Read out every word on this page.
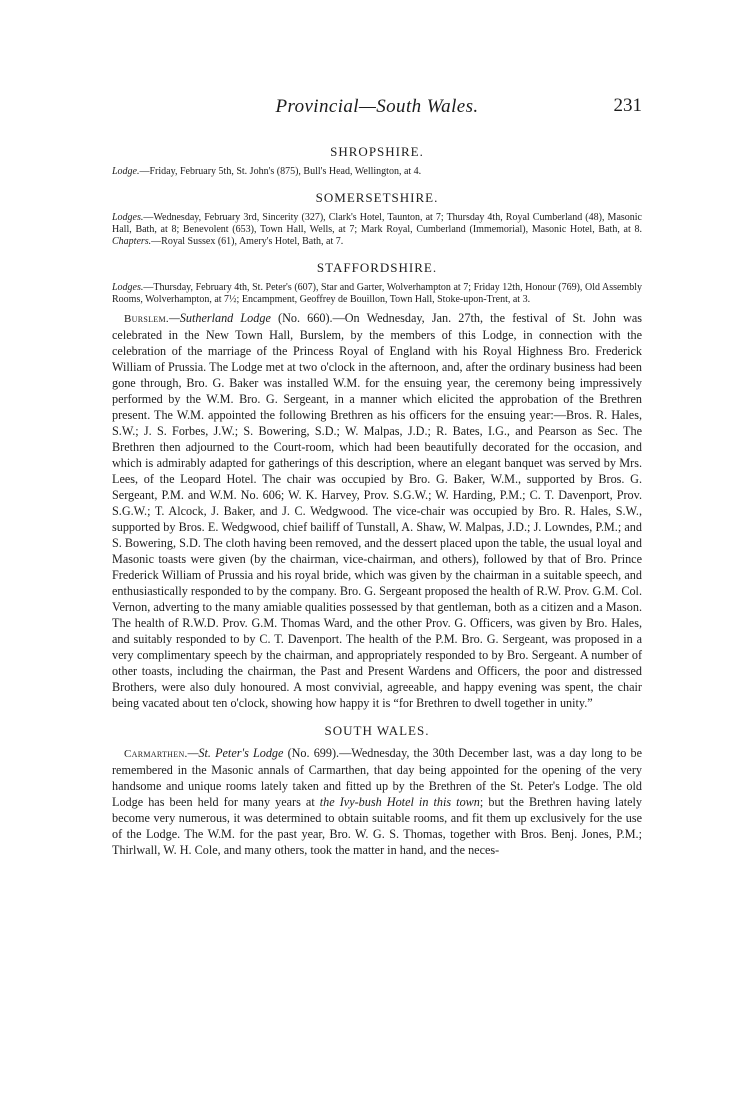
Provincial—South Wales.	231
SHROPSHIRE.

Lodge.—Friday, February 5th, St. John's (875), Bull's Head, Wellington, at 4.

SOMERSETSHIRE.

Lodges.—Wednesday, February 3rd, Sincerity (327), Clark's Hotel, Taunton, at 7; Thursday 4th, Royal Cumberland (48), Masonic Hall, Bath, at 8; Benevolent (653), Town Hall, Wells, at 7; Mark Royal, Cumberland (Immemorial), Masonic Hotel, Bath, at 8. Chapters.—Royal Sussex (61), Amery's Hotel, Bath, at 7.

STAFFORDSHIRE.

Lodges.—Thursday, February 4th, St. Peter's (607), Star and Garter, Wolverhampton at 7; Friday 12th, Honour (769), Old Assembly Rooms, Wolverhampton, at 7½; Encampment, Geoffrey de Bouillon, Town Hall, Stoke-upon-Trent, at 3.

Burslem.—Sutherland Lodge (No. 660).—On Wednesday, Jan. 27th, the festival of St. John was celebrated in the New Town Hall, Burslem, by the members of this Lodge, in connection with the celebration of the marriage of the Princess Royal of England with his Royal Highness Bro. Frederick William of Prussia. The Lodge met at two o'clock in the afternoon, and, after the ordinary business had been gone through, Bro. G. Baker was installed W.M. for the ensuing year, the ceremony being impressively performed by the W.M. Bro. G. Sergeant, in a manner which elicited the approbation of the Brethren present. The W.M. appointed the following Brethren as his officers for the ensuing year:—Bros. R. Hales, S.W.; J. S. Forbes, J.W.; S. Bowering, S.D.; W. Malpas, J.D.; R. Bates, I.G., and Pearson as Sec. The Brethren then adjourned to the Court-room, which had been beautifully decorated for the occasion, and which is admirably adapted for gatherings of this description, where an elegant banquet was served by Mrs. Lees, of the Leopard Hotel. The chair was occupied by Bro. G. Baker, W.M., supported by Bros. G. Sergeant, P.M. and W.M. No. 606; W. K. Harvey, Prov. S.G.W.; W. Harding, P.M.; C. T. Davenport, Prov. S.G.W.; T. Alcock, J. Baker, and J. C. Wedgwood. The vice-chair was occupied by Bro. R. Hales, S.W., supported by Bros. E. Wedgwood, chief bailiff of Tunstall, A. Shaw, W. Malpas, J.D.; J. Lowndes, P.M.; and S. Bowering, S.D. The cloth having been removed, and the dessert placed upon the table, the usual loyal and Masonic toasts were given (by the chairman, vice-chairman, and others), followed by that of Bro. Prince Frederick William of Prussia and his royal bride, which was given by the chairman in a suitable speech, and enthusiastically responded to by the company. Bro. G. Sergeant proposed the health of R.W. Prov. G.M. Col. Vernon, adverting to the many amiable qualities possessed by that gentleman, both as a citizen and a Mason. The health of R.W.D. Prov. G.M. Thomas Ward, and the other Prov. G. Officers, was given by Bro. Hales, and suitably responded to by C. T. Davenport. The health of the P.M. Bro. G. Sergeant, was proposed in a very complimentary speech by the chairman, and appropriately responded to by Bro. Sergeant. A number of other toasts, including the chairman, the Past and Present Wardens and Officers, the poor and distressed Brothers, were also duly honoured. A most convivial, agreeable, and happy evening was spent, the chair being vacated about ten o'clock, showing how happy it is “for Brethren to dwell together in unity.”

SOUTH WALES.

Carmarthen.—St. Peter's Lodge (No. 699).—Wednesday, the 30th December last, was a day long to be remembered in the Masonic annals of Carmarthen, that day being appointed for the opening of the very handsome and unique rooms lately taken and fitted up by the Brethren of the St. Peter's Lodge. The old Lodge has been held for many years at the Ivy-bush Hotel in this town; but the Brethren having lately become very numerous, it was determined to obtain suitable rooms, and fit them up exclusively for the use of the Lodge. The W.M. for the past year, Bro. W. G. S. Thomas, together with Bros. Benj. Jones, P.M.; Thirlwall, W. H. Cole, and many others, took the matter in hand, and the neces-
